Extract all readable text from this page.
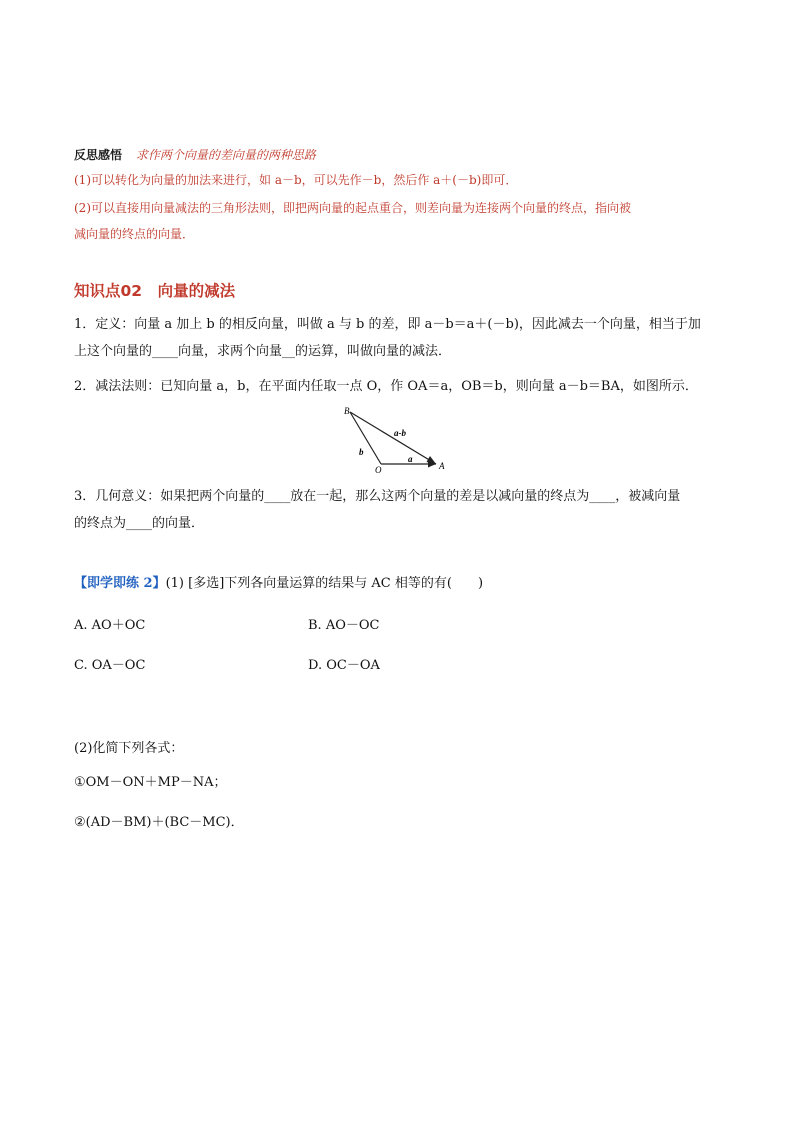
反思感悟 求作两个向量的差向量的两种思路
(1)可以转化为向量的加法来进行，如 a－b，可以先作－b，然后作 a＋(－b)即可．
(2)可以直接用向量减法的三角形法则，即把两向量的起点重合，则差向量为连接两个向量的终点，指向被
减向量的终点的向量．
知识点02　向量的减法
1．定义：向量 a 加上 b 的相反向量，叫做 a 与 b 的差，即 a－b＝a＋(－b)，因此减去一个向量，相当于加
上这个向量的____向量，求两个向量__的运算，叫做向量的减法．
2．减法法则：已知向量 a，b，在平面内任取一点 O，作 OA＝a，OB＝b，则向量 a－b＝BA，如图所示．
B
O	A
b
a
a-b
3．几何意义：如果把两个向量的____放在一起，那么这两个向量的差是以减向量的终点为____，被减向量
的终点为____的向量．
【即学即练 2】(1) [多选]下列各向量运算的结果与 AC 相等的有(　　)
A. AO＋OC	B. AO－OC
C. OA－OC	D. OC－OA
(2)化简下列各式：
①OM－ON＋MP－NA；
②(AD－BM)＋(BC－MC)．
